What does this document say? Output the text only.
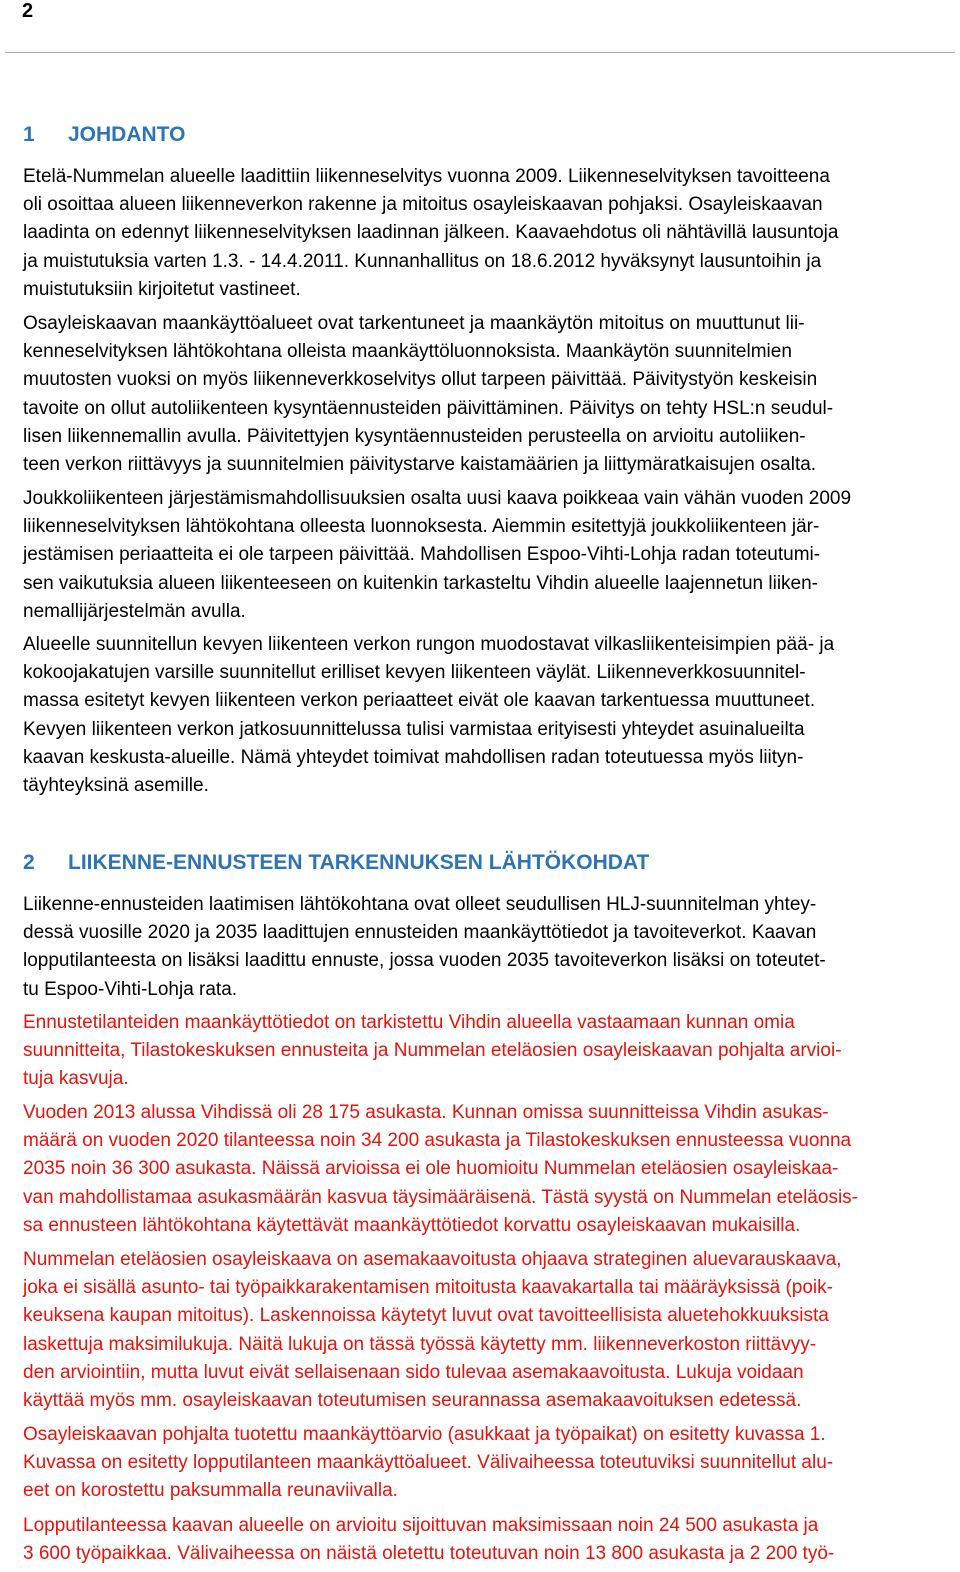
2
1 JOHDANTO
Etelä-Nummelan alueelle laadittiin liikenneselvitys vuonna 2009. Liikenneselvityksen tavoitteena
oli osoittaa alueen liikenneverkon rakenne ja mitoitus osayleiskaavan pohjaksi. Osayleiskaavan
laadinta on edennyt liikenneselvityksen laadinnan jälkeen. Kaavaehdotus oli nähtävillä lausuntoja
ja muistutuksia varten 1.3. - 14.4.2011. Kunnanhallitus on 18.6.2012 hyväksynyt lausuntoihin ja
muistutuksiin kirjoitetut vastineet.
Osayleiskaavan maankäyttöalueet ovat tarkentuneet ja maankäytön mitoitus on muuttunut lii-
kenneselvityksen lähtökohtana olleista maankäyttöluonnoksista. Maankäytön suunnitelmien
muutosten vuoksi on myös liikenneverkkoselvitys ollut tarpeen päivittää. Päivitystyön keskeisin
tavoite on ollut autoliikenteen kysyntäennusteiden päivittäminen. Päivitys on tehty HSL:n seudul-
lisen liikennemallin avulla. Päivitettyjen kysyntäennusteiden perusteella on arvioitu autoliiken-
teen verkon riittävyys ja suunnitelmien päivitystarve kaistamäärien ja liittymäratkaisujen osalta.
Joukkoliikenteen järjestämismahdollisuuksien osalta uusi kaava poikkeaa vain vähän vuoden 2009
liikenneselvityksen lähtökohtana olleesta luonnoksesta. Aiemmin esitettyjä joukkoliikenteen jär-
jestämisen periaatteita ei ole tarpeen päivittää. Mahdollisen Espoo-Vihti-Lohja radan toteutumi-
sen vaikutuksia alueen liikenteeseen on kuitenkin tarkasteltu Vihdin alueelle laajennetun liiken-
nemallijärjestelmän avulla.
Alueelle suunnitellun kevyen liikenteen verkon rungon muodostavat vilkasliikenteisimpien pää- ja
kokoojakatujen varsille suunnitellut erilliset kevyen liikenteen väylät. Liikenneverkkosuunnitel-
massa esitetyt kevyen liikenteen verkon periaatteet eivät ole kaavan tarkentuessa muuttuneet.
Kevyen liikenteen verkon jatkosuunnittelussa tulisi varmistaa erityisesti yhteydet asuinalueilta
kaavan keskusta-alueille. Nämä yhteydet toimivat mahdollisen radan toteutuessa myös liityn-
täyhteyksinä asemille.
2 LIIKENNE-ENNUSTEEN TARKENNUKSEN LÄHTÖKOHDAT
Liikenne-ennusteiden laatimisen lähtökohtana ovat olleet seudullisen HLJ-suunnitelman yhtey-
dessä vuosille 2020 ja 2035 laadittujen ennusteiden maankäyttötiedot ja tavoiteverkot. Kaavan
lopputilanteesta on lisäksi laadittu ennuste, jossa vuoden 2035 tavoiteverkon lisäksi on toteutet-
tu Espoo-Vihti-Lohja rata.
Ennustetilanteiden maankäyttötiedot on tarkistettu Vihdin alueella vastaamaan kunnan omia
suunnitteita, Tilastokeskuksen ennusteita ja Nummelan eteläosien osayleiskaavan pohjalta arvioi-
tuja kasvuja.
Vuoden 2013 alussa Vihdissä oli 28 175 asukasta. Kunnan omissa suunnitteissa Vihdin asukas-
määrä on vuoden 2020 tilanteessa noin 34 200 asukasta ja Tilastokeskuksen ennusteessa vuonna
2035 noin 36 300 asukasta. Näissä arvioissa ei ole huomioitu Nummelan eteläosien osayleiskaa-
van mahdollistamaa asukasmäärän kasvua täysimääräisenä. Tästä syystä on Nummelan eteläosis-
sa ennusteen lähtökohtana käytettävät maankäyttötiedot korvattu osayleiskaavan mukaisilla.
Nummelan eteläosien osayleiskaava on asemakaavoitusta ohjaava strateginen aluevarauskaava,
joka ei sisällä asunto- tai työpaikkarakentamisen mitoitusta kaavakartalla tai määräyksissä (poik-
keuksena kaupan mitoitus). Laskennoissa käytetyt luvut ovat tavoitteellisista aluetehokkuuksista
laskettuja maksimilukuja. Näitä lukuja on tässä työssä käytetty mm. liikenneverkoston riittävyy-
den arviointiin, mutta luvut eivät sellaisenaan sido tulevaa asemakaavoitusta. Lukuja voidaan
käyttää myös mm. osayleiskaavan toteutumisen seurannassa asemakaavoituksen edetessä.
Osayleiskaavan pohjalta tuotettu maankäyttöarvio (asukkaat ja työpaikat) on esitetty kuvassa 1.
Kuvassa on esitetty lopputilanteen maankäyttöalueet. Välivaiheessa toteutuviksi suunnitellut alu-
eet on korostettu paksummalla reunaviivalla.
Lopputilanteessa kaavan alueelle on arvioitu sijoittuvan maksimissaan noin 24 500 asukasta ja
3 600 työpaikkaa. Välivaiheessa on näistä oletettu toteutuvan noin 13 800 asukasta ja 2 200 työ-
